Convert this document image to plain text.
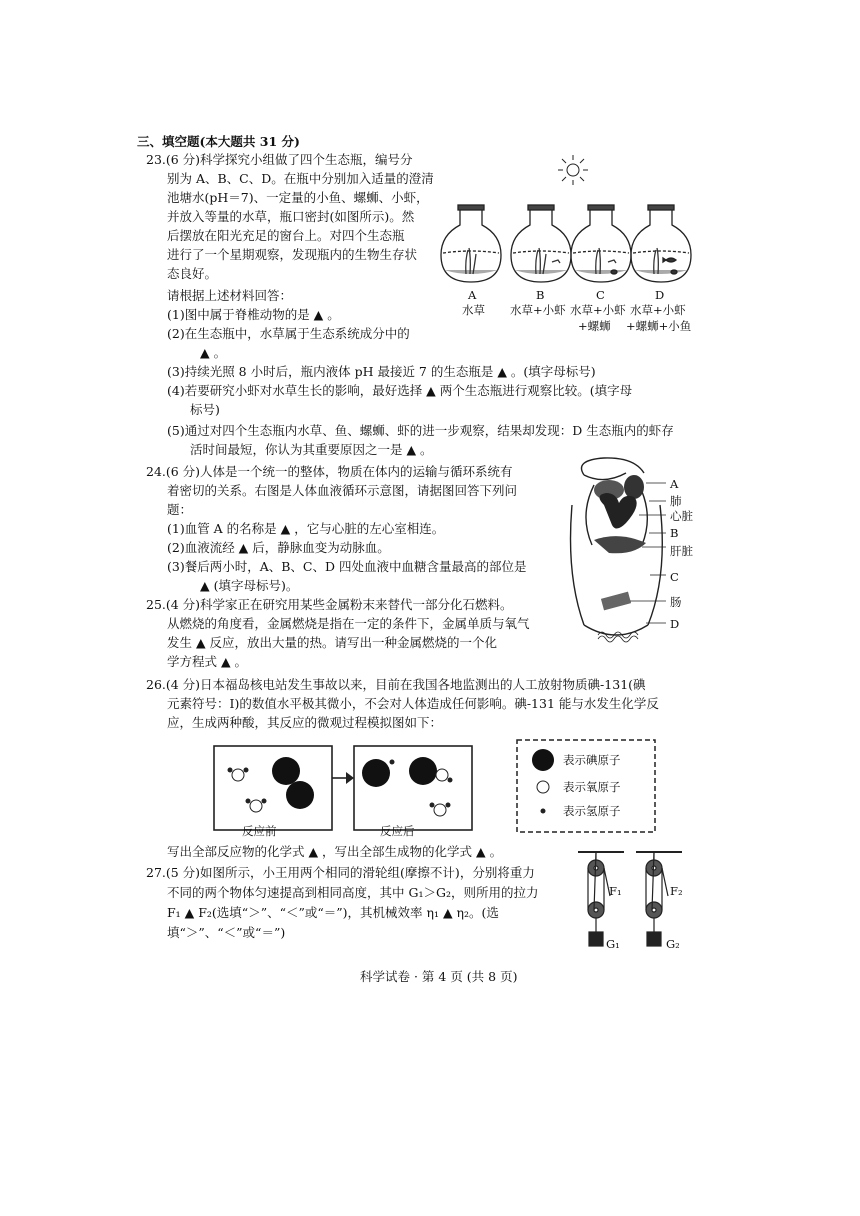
三、填空题(本大题共 31 分)
23.(6 分)科学探究小组做了四个生态瓶，编号分
别为 A、B、C、D。在瓶中分别加入适量的澄清
池塘水(pH＝7)、一定量的小鱼、螺蛳、小虾，
并放入等量的水草，瓶口密封(如图所示)。然
后摆放在阳光充足的窗台上。对四个生态瓶
进行了一个星期观察，发现瓶内的生物生存状
态良好。
请根据上述材料回答：
(1)图中属于脊椎动物的是 ▲ 。
(2)在生态瓶中，水草属于生态系统成分中的
▲ 。
(3)持续光照 8 小时后，瓶内液体 pH 最接近 7 的生态瓶是 ▲ 。(填字母标号)
(4)若要研究小虾对水草生长的影响，最好选择 ▲ 两个生态瓶进行观察比较。(填字母
标号)
(5)通过对四个生态瓶内水草、鱼、螺蛳、虾的进一步观察，结果却发现：D 生态瓶内的虾存
活时间最短，你认为其重要原因之一是 ▲ 。
A
水草
B
水草+小虾
C
水草+小虾
+螺蛳
D
水草+小虾
+螺蛳+小鱼
24.(6 分)人体是一个统一的整体，物质在体内的运输与循环系统有
着密切的关系。右图是人体血液循环示意图，请据图回答下列问
题：
(1)血管 A 的名称是 ▲ ，它与心脏的左心室相连。
(2)血液流经 ▲ 后，静脉血变为动脉血。
(3)餐后两小时，A、B、C、D 四处血液中血糖含量最高的部位是
▲ (填字母标号)。
A
肺
心脏
B
肝脏
C
肠
D
25.(4 分)科学家正在研究用某些金属粉末来替代一部分化石燃料。
从燃烧的角度看，金属燃烧是指在一定的条件下，金属单质与氧气
发生 ▲ 反应，放出大量的热。请写出一种金属燃烧的一个化
学方程式 ▲ 。
26.(4 分)日本福岛核电站发生事故以来，目前在我国各地监测出的人工放射物质碘-131(碘
元素符号：I)的数值水平极其微小，不会对人体造成任何影响。碘-131 能与水发生化学反
应，生成两种酸，其反应的微观过程模拟图如下：
表示碘原子
表示氧原子
表示氢原子
反应前	反应后
写出全部反应物的化学式 ▲ ，写出全部生成物的化学式 ▲ 。
27.(5 分)如图所示，小王用两个相同的滑轮组(摩擦不计)，分别将重力
不同的两个物体匀速提高到相同高度，其中 G₁＞G₂，则所用的拉力
F₁ ▲ F₂(选填“＞”、“＜”或“＝”)，其机械效率 η₁ ▲ η₂。(选
填“＞”、“＜”或“＝”)
F₁	F₂
G₁	G₂
科学试卷 · 第 4 页 (共 8 页)
